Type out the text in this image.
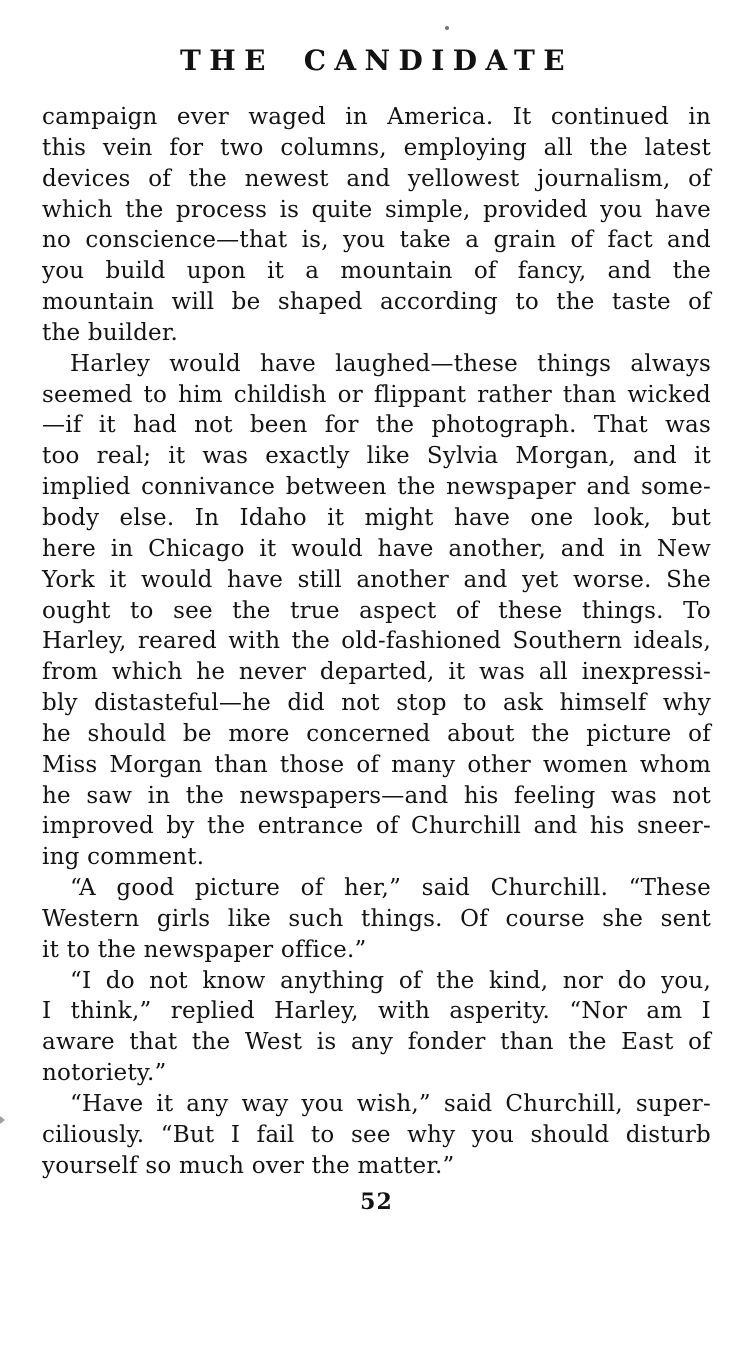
THE CANDIDATE
campaign ever waged in America. It continued in
this vein for two columns, employing all the latest
devices of the newest and yellowest journalism, of
which the process is quite simple, provided you have
no conscience—that is, you take a grain of fact and
you build upon it a mountain of fancy, and the
mountain will be shaped according to the taste of
the builder.
Harley would have laughed—these things always
seemed to him childish or flippant rather than wicked
—if it had not been for the photograph. That was
too real; it was exactly like Sylvia Morgan, and it
implied connivance between the newspaper and some-
body else. In Idaho it might have one look, but
here in Chicago it would have another, and in New
York it would have still another and yet worse. She
ought to see the true aspect of these things. To
Harley, reared with the old-fashioned Southern ideals,
from which he never departed, it was all inexpressi-
bly distasteful—he did not stop to ask himself why
he should be more concerned about the picture of
Miss Morgan than those of many other women whom
he saw in the newspapers—and his feeling was not
improved by the entrance of Churchill and his sneer-
ing comment.
“A good picture of her,” said Churchill. “These
Western girls like such things. Of course she sent
it to the newspaper office.”
“I do not know anything of the kind, nor do you,
I think,” replied Harley, with asperity. “Nor am I
aware that the West is any fonder than the East of
notoriety.”
“Have it any way you wish,” said Churchill, super-
ciliously. “But I fail to see why you should disturb
yourself so much over the matter.”
52
